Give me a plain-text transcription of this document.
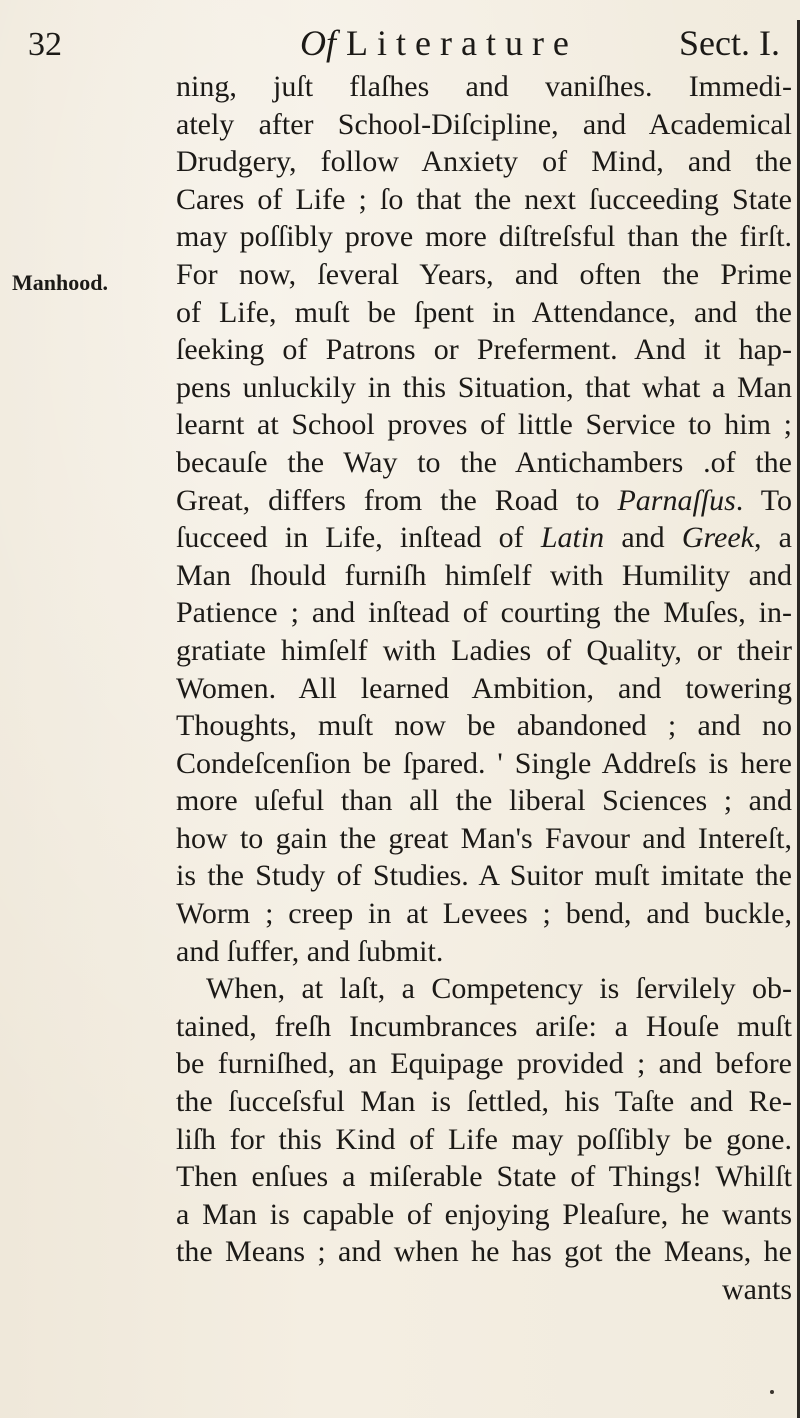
32	Of Literature	Sect. I.
Manhood.
ning, juſt flaſhes and vaniſhes. Immedi-
ately after School-Diſcipline, and Academical
Drudgery, follow Anxiety of Mind, and the
Cares of Life ; ſo that the next ſucceeding State
may poſſibly prove more diſtreſsful than the firſt.
For now, ſeveral Years, and often the Prime
of Life, muſt be ſpent in Attendance, and the
ſeeking of Patrons or Preferment. And it hap-
pens unluckily in this Situation, that what a Man
learnt at School proves of little Service to him ;
becauſe the Way to the Antichambers .of the
Great, differs from the Road to Parnaſſus. To
ſucceed in Life, inſtead of Latin and Greek, a
Man ſhould furniſh himſelf with Humility and
Patience ; and inſtead of courting the Muſes, in-
gratiate himſelf with Ladies of Quality, or their
Women. All learned Ambition, and towering
Thoughts, muſt now be abandoned ; and no
Condeſcenſion be ſpared. ' Single Addreſs is here
more uſeful than all the liberal Sciences ; and
how to gain the great Man's Favour and Intereſt,
is the Study of Studies. A Suitor muſt imitate the
Worm ; creep in at Levees ; bend, and buckle,
and ſuffer, and ſubmit.
When, at laſt, a Competency is ſervilely ob-
tained, freſh Incumbrances ariſe: a Houſe muſt
be furniſhed, an Equipage provided ; and before
the ſucceſsful Man is ſettled, his Taſte and Re-
liſh for this Kind of Life may poſſibly be gone.
Then enſues a miſerable State of Things! Whilſt
a Man is capable of enjoying Pleaſure, he wants
the Means ; and when he has got the Means, he
wants
